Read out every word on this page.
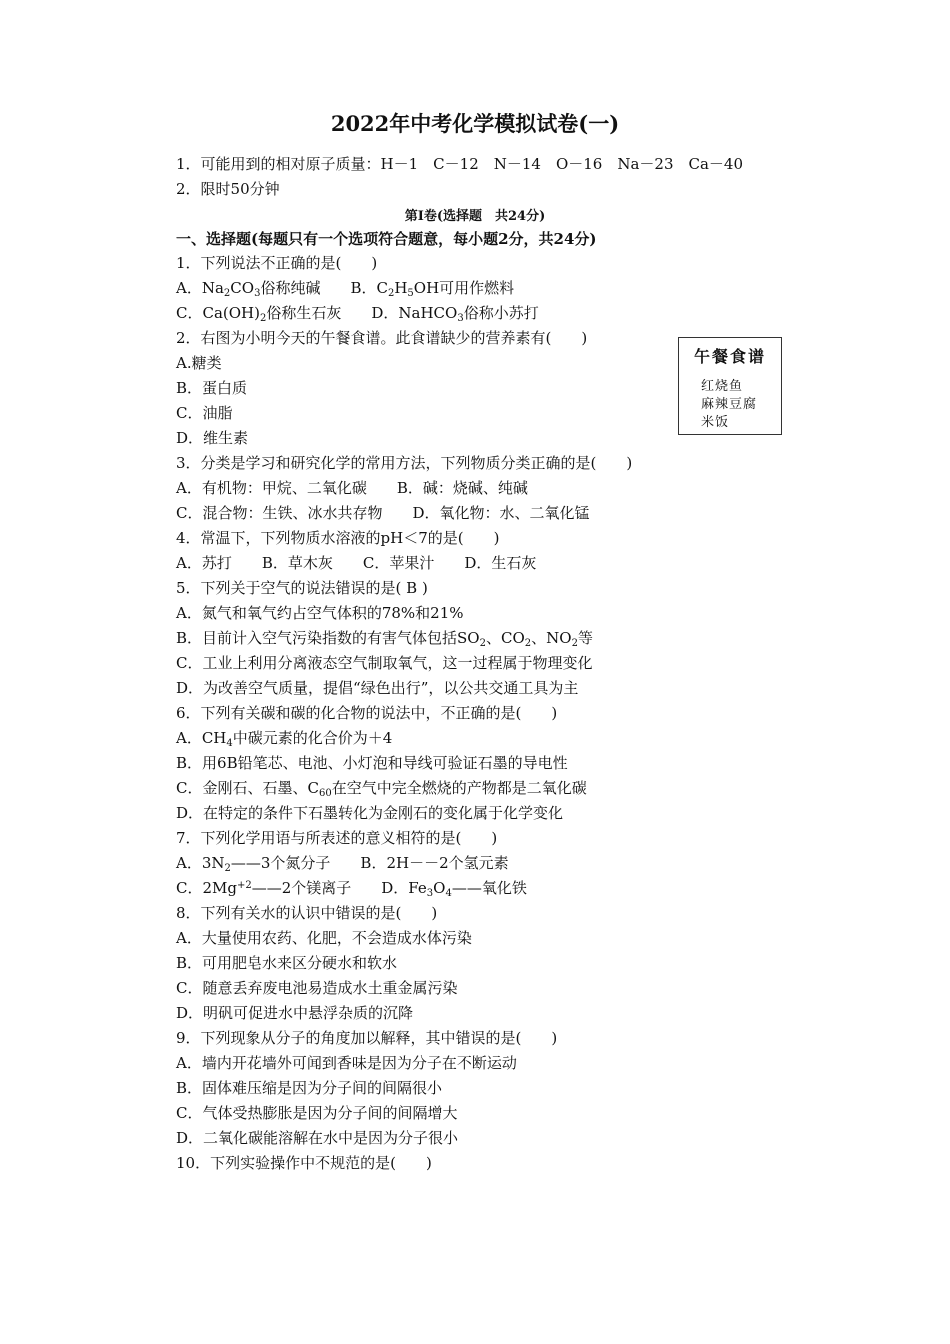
2022年中考化学模拟试卷(一)
1．可能用到的相对原子质量：H－1　C－12　N－14　O－16　Na－23　Ca－40
2．限时50分钟
第Ⅰ卷(选择题　共24分)
一、选择题(每题只有一个选项符合题意，每小题2分，共24分)
1．下列说法不正确的是(　　)
A．$Na_2CO_3$俗称纯碱　　B．$C_2H_5OH$可用作燃料
C．$Ca(OH)_2$俗称生石灰　　D．NaHCO$_3$俗称小苏打
2．右图为小明今天的午餐食谱。此食谱缺少的营养素有(　　)
A.糖类
B．蛋白质
C．油脂
D．维生素
午餐食谱
红烧鱼
麻辣豆腐
米饭
3．分类是学习和研究化学的常用方法，下列物质分类正确的是(　　)
A．有机物：甲烷、二氧化碳　　B．碱：烧碱、纯碱
C．混合物：生铁、冰水共存物　　D．氧化物：水、二氧化锰
4．常温下，下列物质水溶液的pH＜7的是(　　)
A．苏打　　B．草木灰　　C．苹果汁　　D．生石灰
5．下列关于空气的说法错误的是( B )
A．氮气和氧气约占空气体积的78%和21%
B．目前计入空气污染指数的有害气体包括$SO_2$、$CO_2$、$NO_2$等
C．工业上利用分离液态空气制取氧气，这一过程属于物理变化
D．为改善空气质量，提倡“绿色出行”，以公共交通工具为主
6．下列有关碳和碳的化合物的说法中，不正确的是(　　)
A．$CH_4$中碳元素的化合价为＋4
B．用6B铅笔芯、电池、小灯泡和导线可验证石墨的导电性
C．金刚石、石墨、$C_{60}$在空气中完全燃烧的产物都是二氧化碳
D．在特定的条件下石墨转化为金刚石的变化属于化学变化
7．下列化学用语与所表述的意义相符的是(　　)
A．$3N_2——3$个氮分子　　B．2H－－2个氢元素
C．$2Mg^{+2}——2$个镁离子　　D．$Fe_3O_4——$氧化铁
8．下列有关水的认识中错误的是(　　)
A．大量使用农药、化肥，不会造成水体污染
B．可用肥皂水来区分硬水和软水
C．随意丢弃废电池易造成水土重金属污染
D．明矾可促进水中悬浮杂质的沉降
9．下列现象从分子的角度加以解释，其中错误的是(　　)
A．墙内开花墙外可闻到香味是因为分子在不断运动
B．固体难压缩是因为分子间的间隔很小
C．气体受热膨胀是因为分子间的间隔增大
D．二氧化碳能溶解在水中是因为分子很小
10．下列实验操作中不规范的是(　　)
